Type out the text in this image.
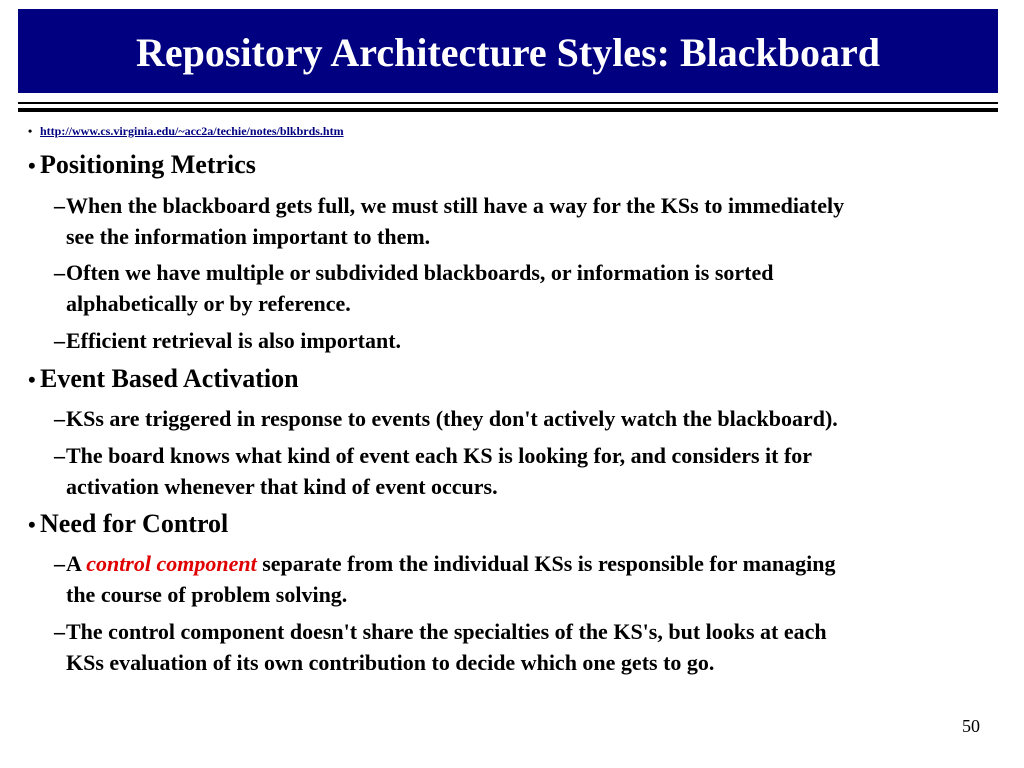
Repository Architecture Styles: Blackboard
• http://www.cs.virginia.edu/~acc2a/techie/notes/blkbrds.htm
• Positioning Metrics
–When the blackboard gets full, we must still have a way for the KSs to immediately
see the information important to them.
–Often we have multiple or subdivided blackboards, or information is sorted
alphabetically or by reference.
–Efficient retrieval is also important.
• Event Based Activation
–KSs are triggered in response to events (they don't actively watch the blackboard).
–The board knows what kind of event each KS is looking for, and considers it for
activation whenever that kind of event occurs.
• Need for Control
–A control component separate from the individual KSs is responsible for managing
the course of problem solving.
–The control component doesn't share the specialties of the KS's, but looks at each
KSs evaluation of its own contribution to decide which one gets to go.
50
